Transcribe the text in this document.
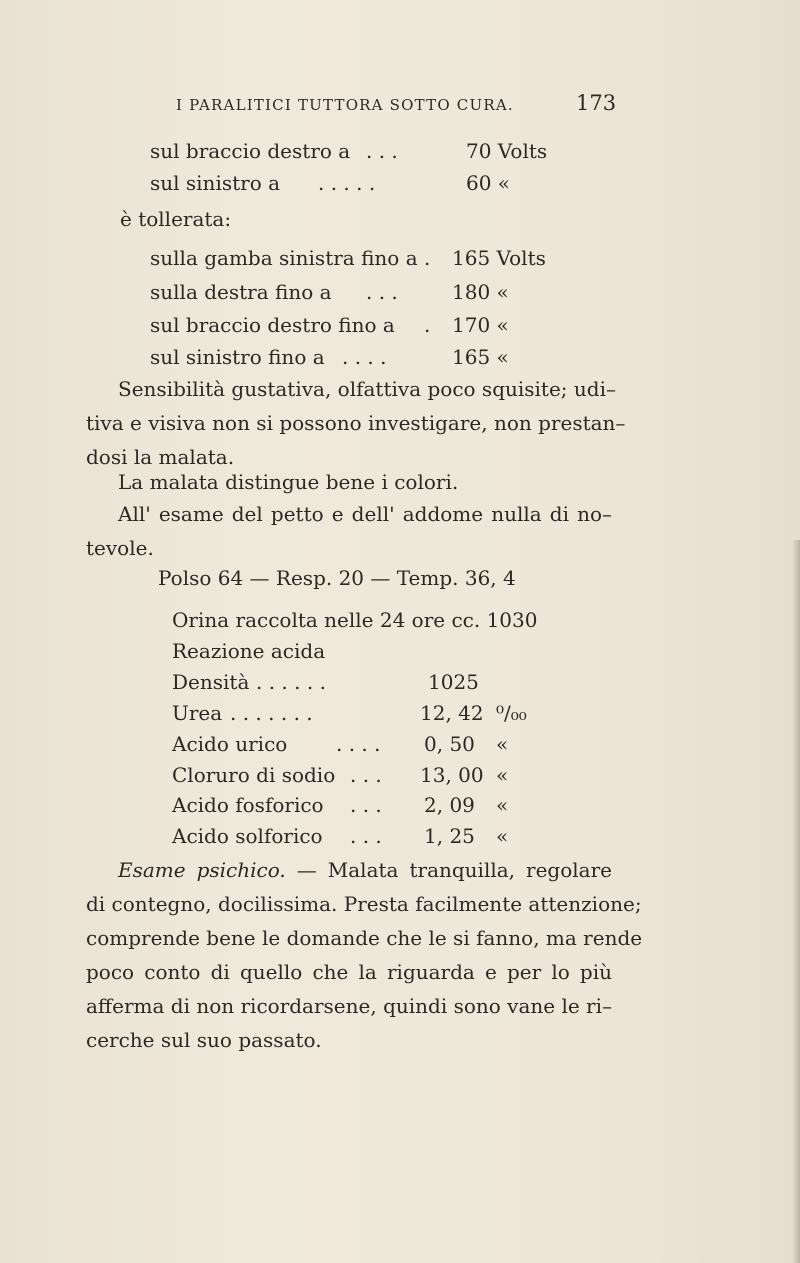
I PARALITICI TUTTORA SOTTO CURA.	173
sul braccio destro a . . .	70 Volts
sul sinistro a . . . . .	60 «
è tollerata:
sulla gamba sinistra fino a . 165 Volts
sulla destra fino a . . .	180 «
sul braccio destro fino a . 170 «
sul sinistro fino a . . . .	165 «
Sensibilità gustativa, olfattiva poco squisite; udi–
tiva e visiva non si possono investigare, non prestan–
dosi la malata.
La malata distingue bene i colori.
All' esame del petto e dell' addome nulla di no–
tevole.
Polso 64 — Resp. 20 — Temp. 36, 4
Orina raccolta nelle 24 ore cc. 1030
Reazione acida
Densità . . . . . .	1025
Urea . . . . . . .	12, 42 ⁰/₀₀
Acido urico . . . . 0, 50 «
Cloruro di sodio . . . 13, 00 «
Acido fosforico . . . 2, 09 «
Acido solforico . . . 1, 25 «
Esame psichico. — Malata tranquilla, regolare
di contegno, docilissima. Presta facilmente attenzione;
comprende bene le domande che le si fanno, ma rende
poco conto di quello che la riguarda e per lo più
afferma di non ricordarsene, quindi sono vane le ri–
cerche sul suo passato.
